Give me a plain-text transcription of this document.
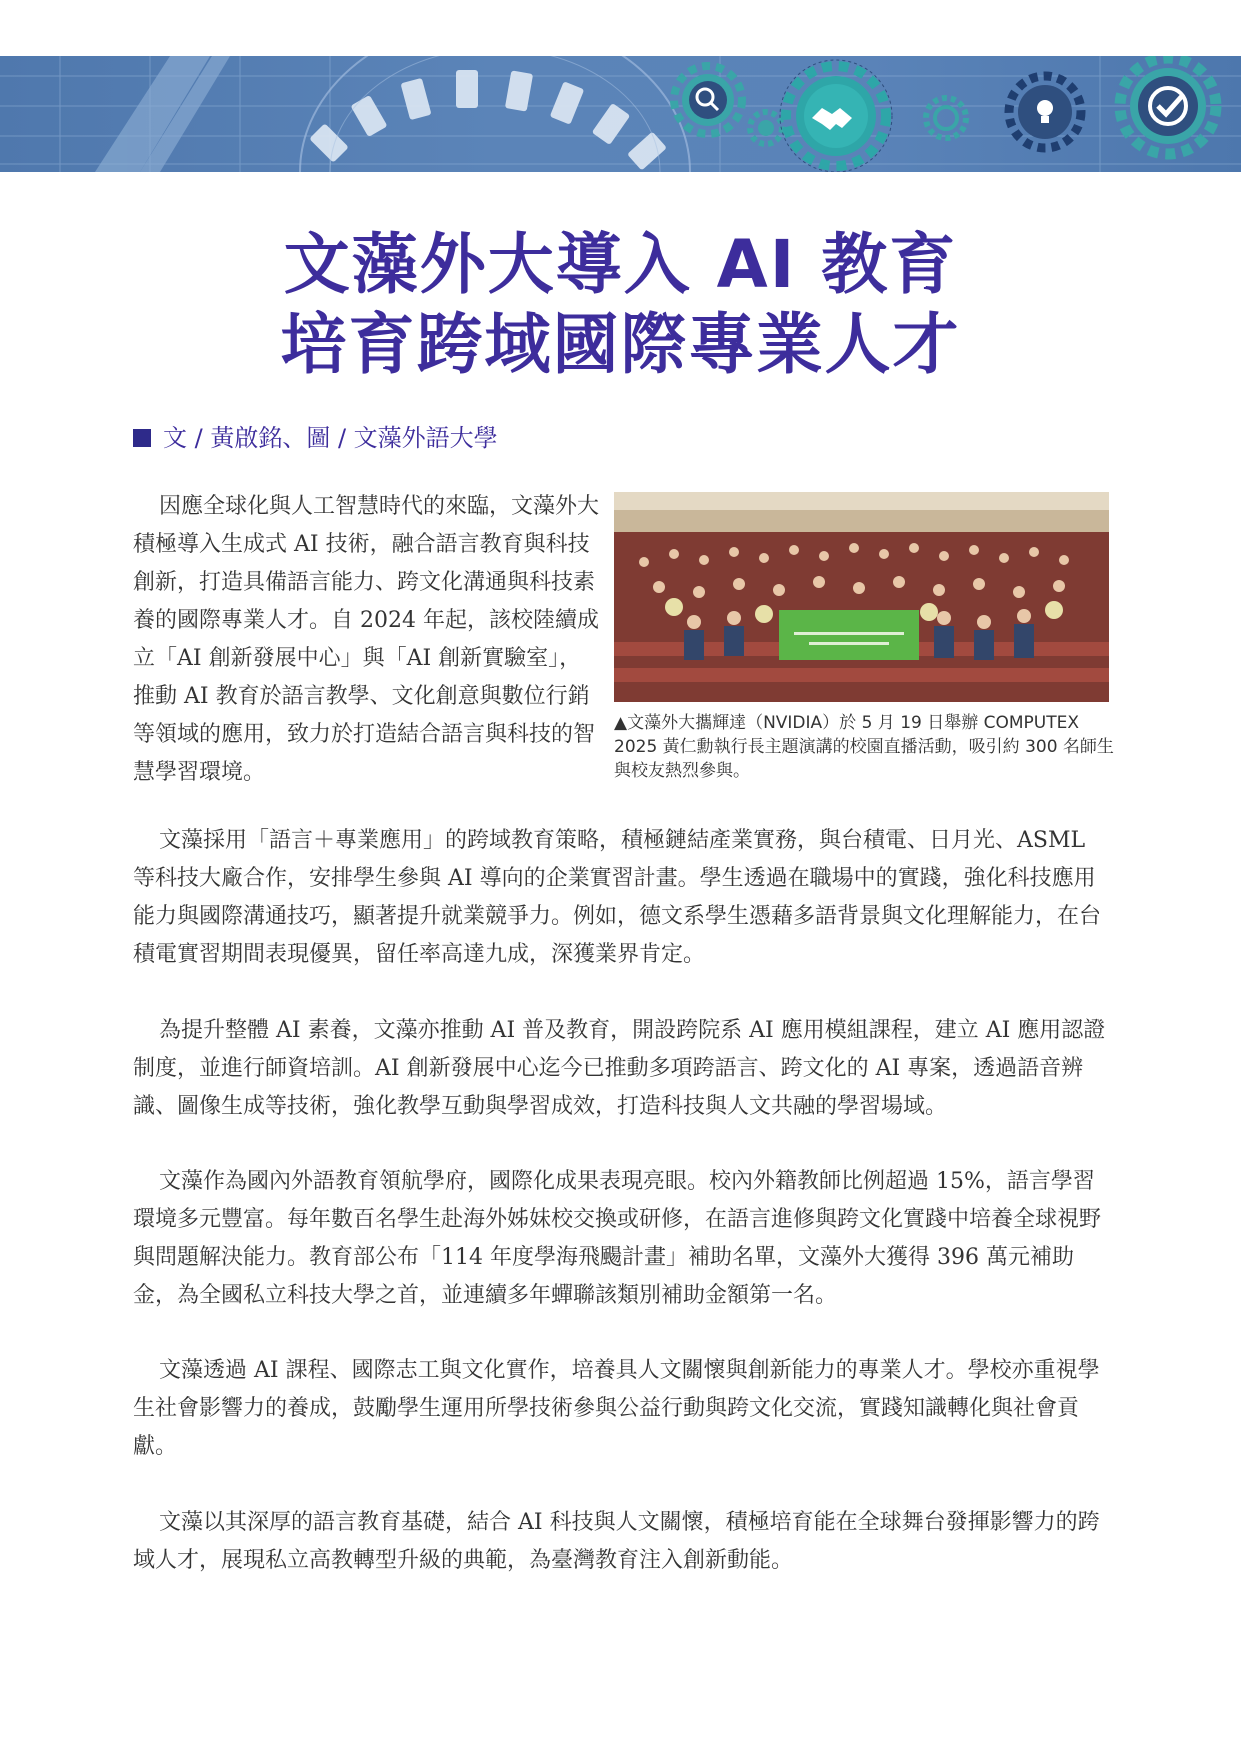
文藻外大導入 AI 教育
培育跨域國際專業人才
文 / 黃啟銘、圖 / 文藻外語大學
因應全球化與人工智慧時代的來臨，文藻外大積極導入生成式 AI 技術，融合語言教育與科技創新，打造具備語言能力、跨文化溝通與科技素養的國際專業人才。自 2024 年起，該校陸續成立「AI 創新發展中心」與「AI 創新實驗室」，推動 AI 教育於語言教學、文化創意與數位行銷等領域的應用，致力於打造結合語言與科技的智慧學習環境。
▲文藻外大攜輝達（NVIDIA）於 5 月 19 日舉辦 COMPUTEX 2025 黃仁勳執行長主題演講的校園直播活動，吸引約 300 名師生與校友熱烈參與。

文藻採用「語言＋專業應用」的跨域教育策略，積極鏈結產業實務，與台積電、日月光、ASML 等科技大廠合作，安排學生參與 AI 導向的企業實習計畫。學生透過在職場中的實踐，強化科技應用能力與國際溝通技巧，顯著提升就業競爭力。例如，德文系學生憑藉多語背景與文化理解能力，在台積電實習期間表現優異，留任率高達九成，深獲業界肯定。

為提升整體 AI 素養，文藻亦推動 AI 普及教育，開設跨院系 AI 應用模組課程，建立 AI 應用認證制度，並進行師資培訓。AI 創新發展中心迄今已推動多項跨語言、跨文化的 AI 專案，透過語音辨識、圖像生成等技術，強化教學互動與學習成效，打造科技與人文共融的學習場域。

文藻作為國內外語教育領航學府，國際化成果表現亮眼。校內外籍教師比例超過 15%，語言學習環境多元豐富。每年數百名學生赴海外姊妹校交換或研修，在語言進修與跨文化實踐中培養全球視野與問題解決能力。教育部公布「114 年度學海飛颺計畫」補助名單，文藻外大獲得 396 萬元補助金，為全國私立科技大學之首，並連續多年蟬聯該類別補助金額第一名。

文藻透過 AI 課程、國際志工與文化實作，培養具人文關懷與創新能力的專業人才。學校亦重視學生社會影響力的養成，鼓勵學生運用所學技術參與公益行動與跨文化交流，實踐知識轉化與社會貢獻。

文藻以其深厚的語言教育基礎，結合 AI 科技與人文關懷，積極培育能在全球舞台發揮影響力的跨域人才，展現私立高教轉型升級的典範，為臺灣教育注入創新動能。
